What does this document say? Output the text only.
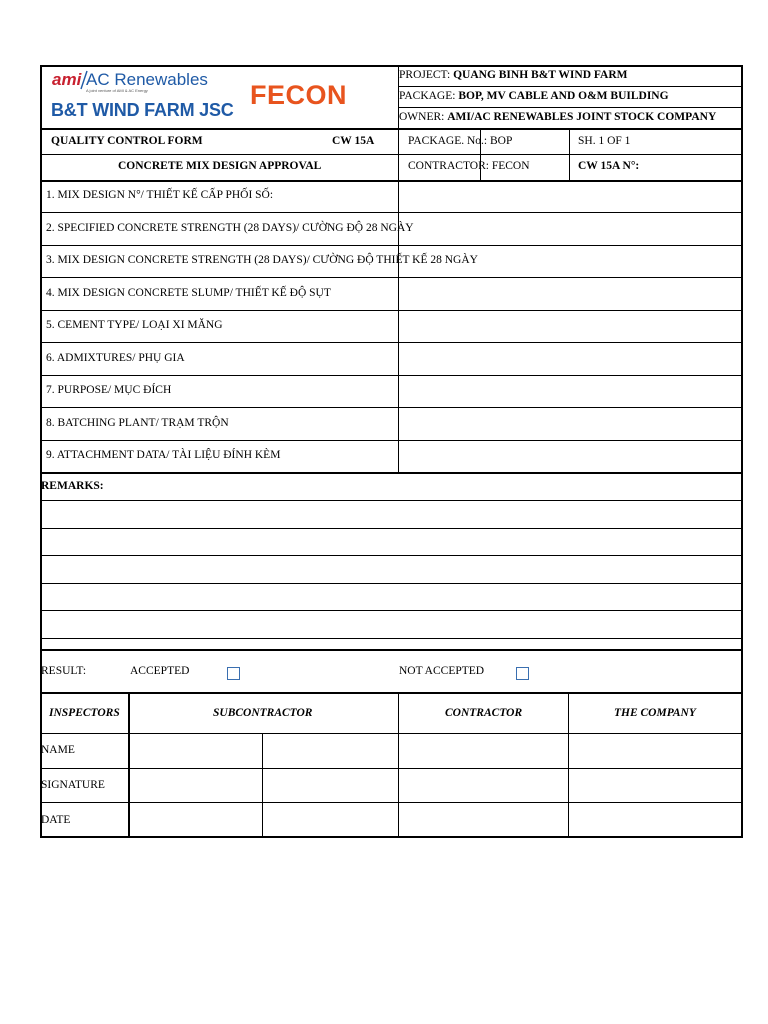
ami AC Renewables
A joint venture of AMI & AC Energy
B&T WIND FARM JSC FECON
PROJECT: QUANG BINH B&T WIND FARM
PACKAGE: BOP, MV CABLE AND O&M BUILDING
OWNER: AMI/AC RENEWABLES JOINT STOCK COMPANY
QUALITY CONTROL FORM	CW 15A	PACKAGE. No.: BOP	SH. 1 OF 1
CONCRETE MIX DESIGN APPROVAL	CONTRACTOR: FECON	CW 15A N°:
1. MIX DESIGN N°/ THIẾT KẾ CẤP PHỐI SỐ:
2. SPECIFIED CONCRETE STRENGTH (28 DAYS)/ CƯỜNG ĐỘ 28 NGÀY
3. MIX DESIGN CONCRETE STRENGTH (28 DAYS)/ CƯỜNG ĐỘ THIẾT KẾ 28 NGÀY
4. MIX DESIGN CONCRETE SLUMP/ THIẾT KẾ ĐỘ SỤT
5. CEMENT TYPE/ LOẠI XI MĂNG
6. ADMIXTURES/ PHỤ GIA
7. PURPOSE/ MỤC ĐÍCH
8. BATCHING PLANT/ TRẠM TRỘN
9. ATTACHMENT DATA/ TÀI LIỆU ĐÍNH KÈM
REMARKS:
RESULT:	ACCEPTED	NOT ACCEPTED
INSPECTORS	SUBCONTRACTOR	CONTRACTOR	THE COMPANY
NAME
SIGNATURE
DATE
